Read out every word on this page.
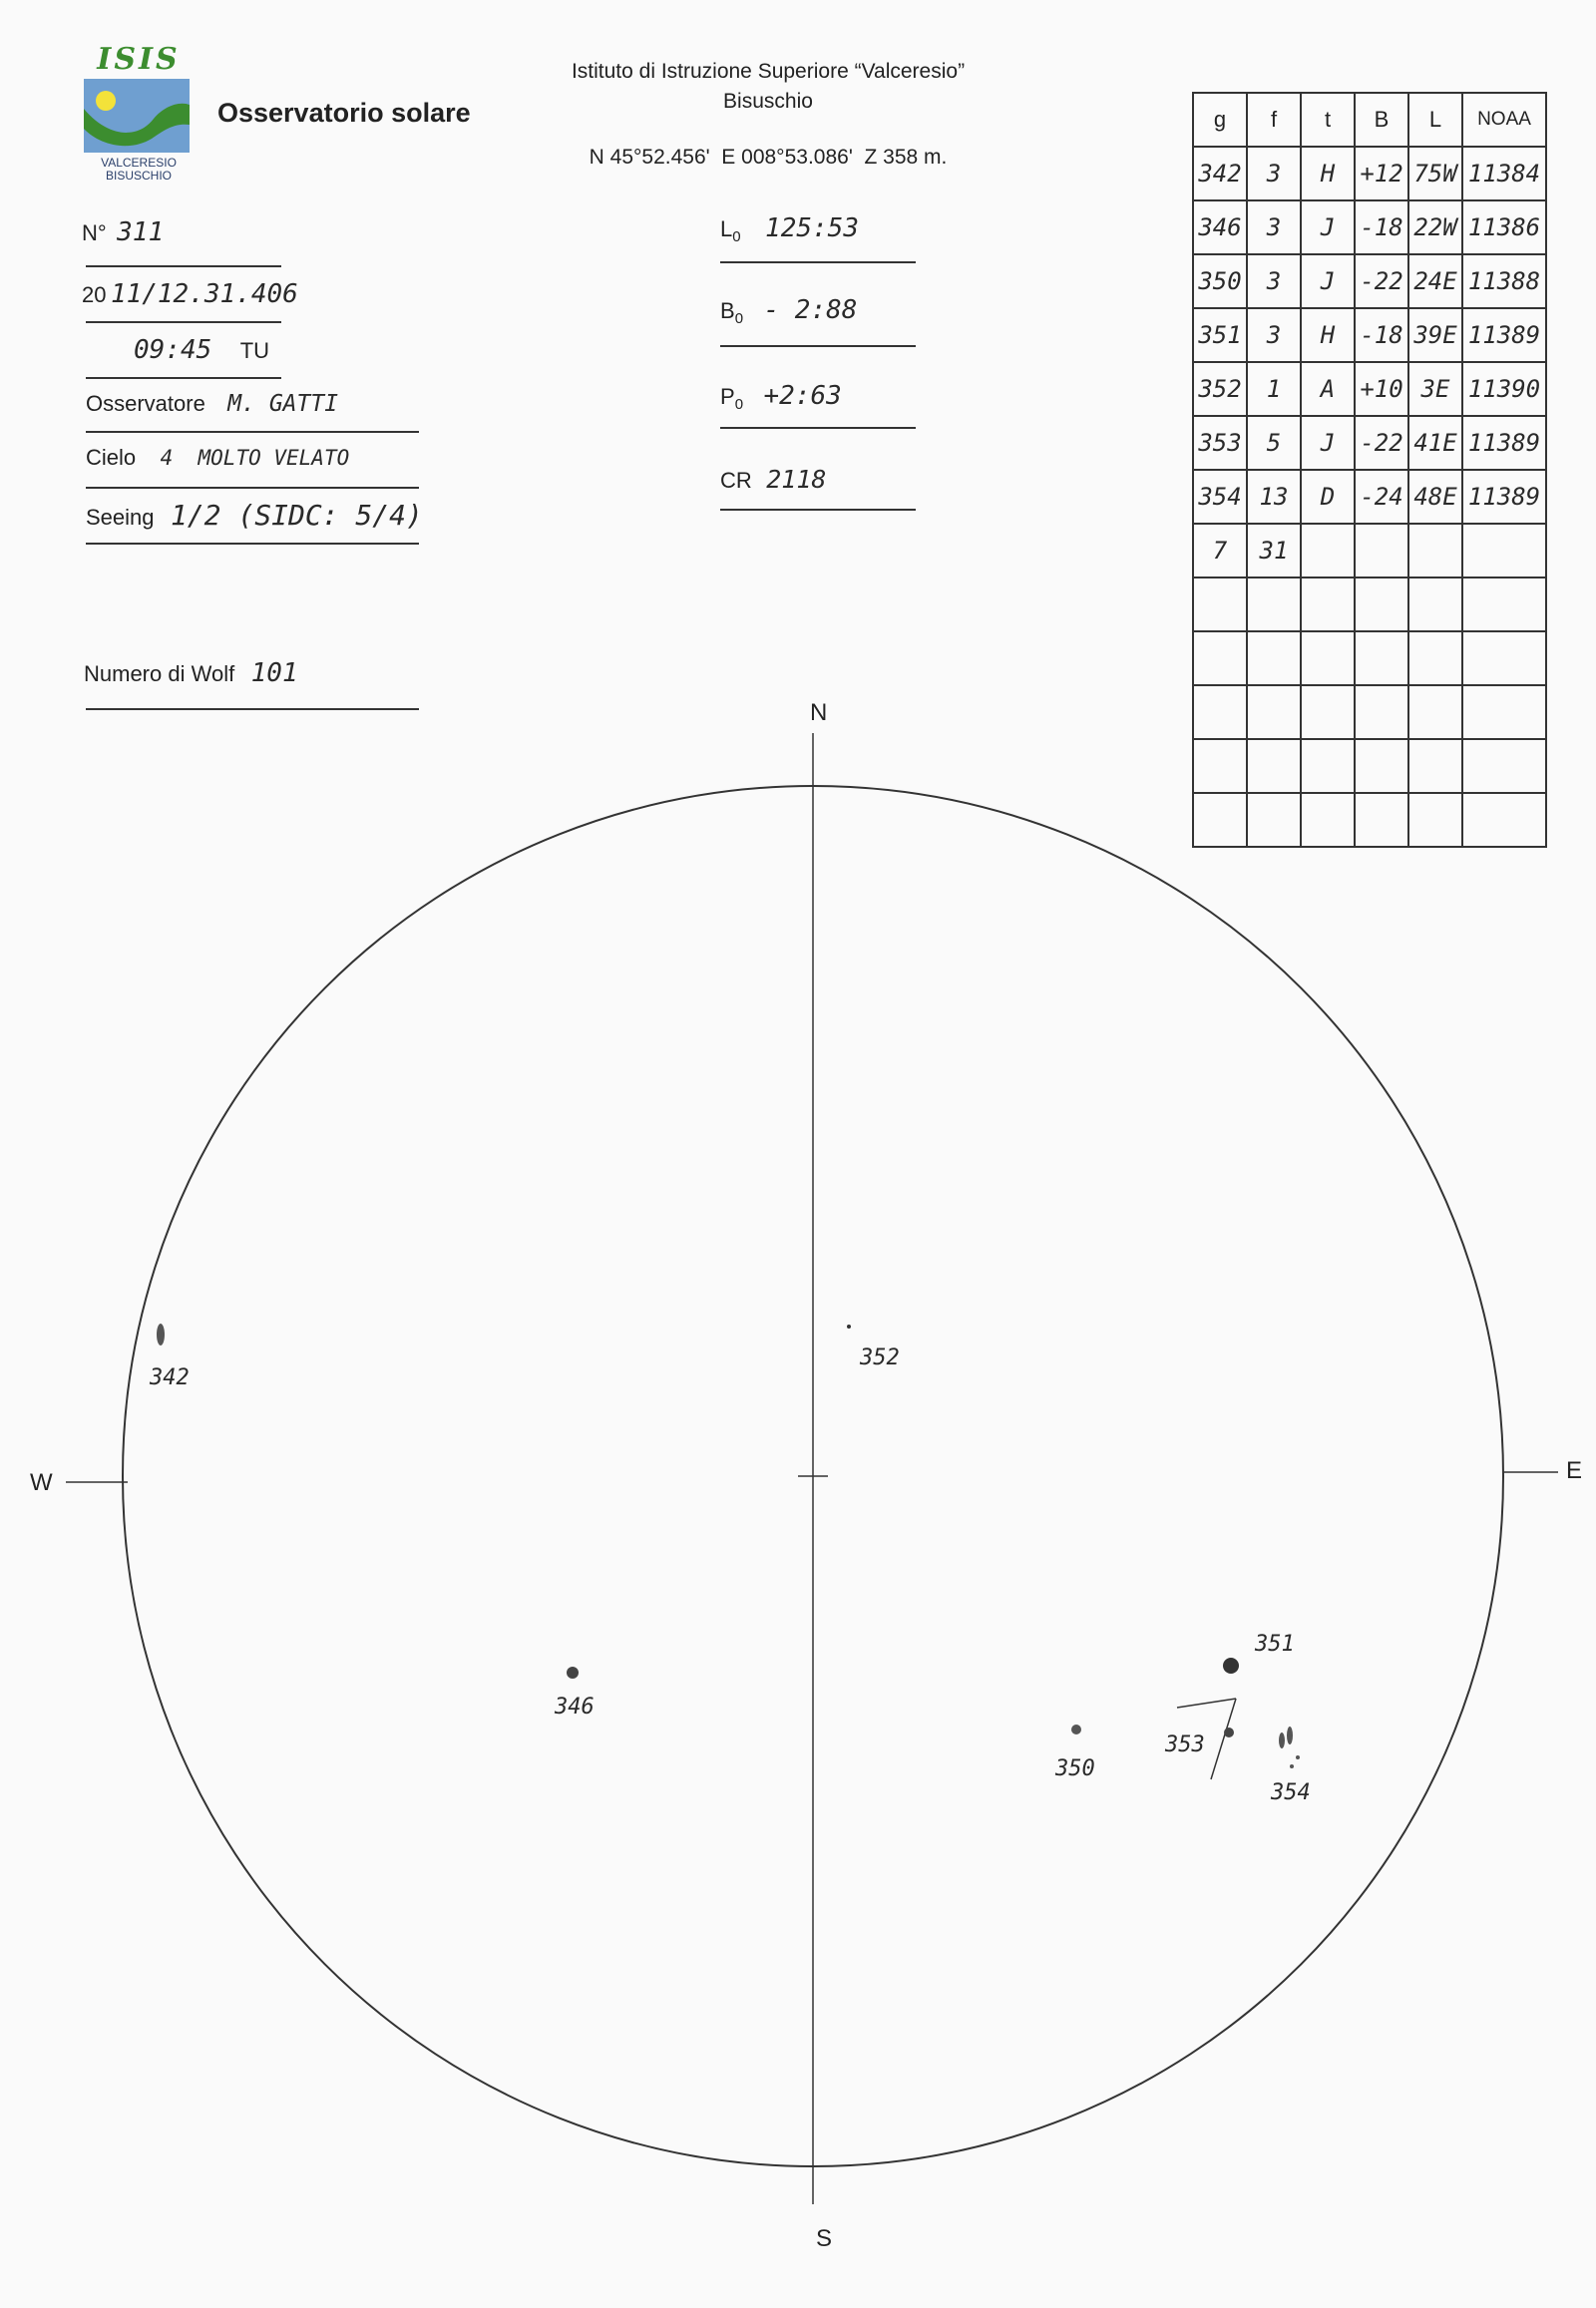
ISIS
VALCERESIO
BISUSCHIO
Osservatorio solare
Istituto di Istruzione Superiore “Valceresio”
Bisuschio
N 45°52.456'  E 008°53.086'  Z 358 m.
N° 311
20 11/12.31.406
09:45 TU
Osservatore M. GATTI
Cielo 4  MOLTO VELATO
Seeing 1/2 (SIDC: 5/4)
Numero di Wolf 101
$L_0$ 125:53
$B_0$ - 2:88
$P_0$ +2:63
CR 2118
g	f	t	B	L	NOAA
342	3	H	+12	75W	11384
346	3	J	-18	22W	11386
350	3	J	-22	24E	11388
351	3	H	-18	39E	11389
352	1	A	+10	3E	11390
353	5	J	-22	41E	11389
354	13	D	-24	48E	11389
7	31				

N
S
W	E
342
346
350
351
352
353
354
